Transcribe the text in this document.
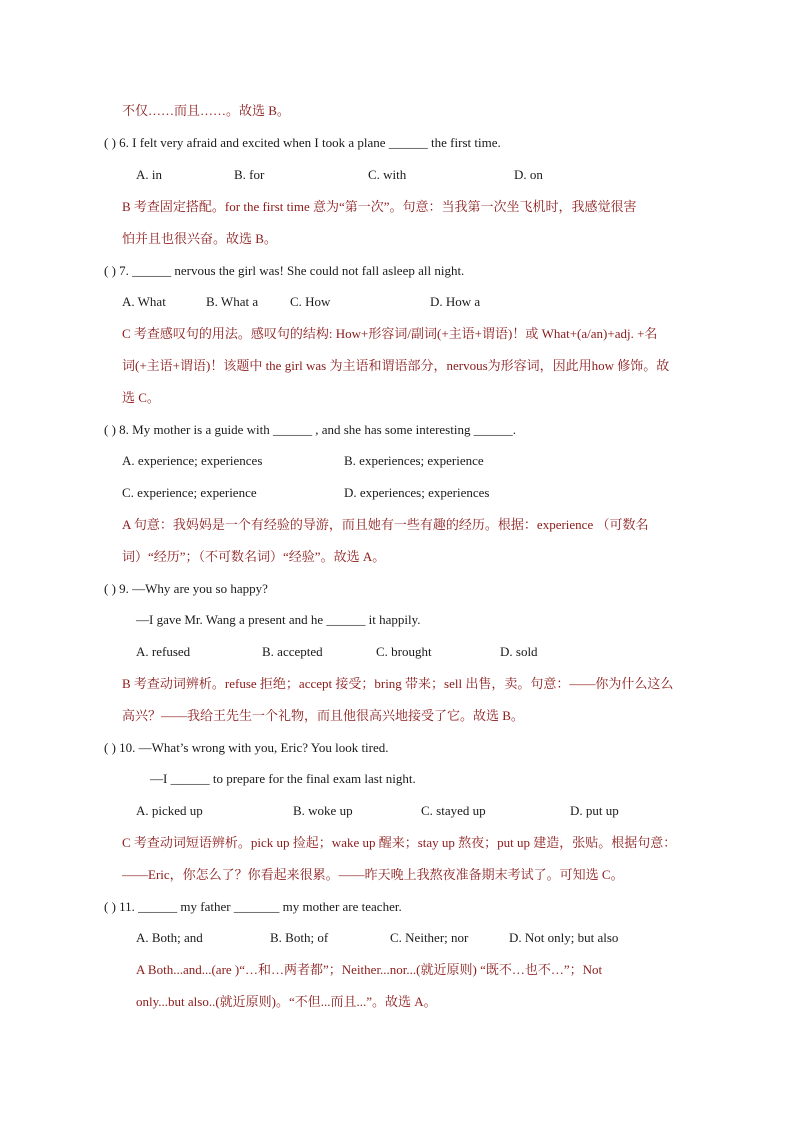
不仅……而且……。故选 B。
( ) 6. I felt very afraid and excited when I took a plane ______ the first time.
A. in	B. for	C. with	D. on
B 考查固定搭配。for the first time 意为“第一次”。句意：当我第一次坐飞机时，我感觉很害
怕并且也很兴奋。故选 B。
( ) 7. ______ nervous the girl was! She could not fall asleep all night.
A. What	B. What a C. How	D. How a
C 考查感叹句的用法。感叹句的结构: How+形容词/副词(+主语+谓语)！或 What+(a/an)+adj. +名
词(+主语+谓语)！该题中 the girl was 为主语和谓语部分，nervous为形容词，因此用how 修饰。故
选 C。
( ) 8. My mother is a guide with ______ , and she has some interesting ______.
A. experience; experiences	B. experiences; experience
C. experience; experience	D. experiences; experiences
A 句意：我妈妈是一个有经验的导游，而且她有一些有趣的经历。根据：experience （可数名
词）“经历”；（不可数名词）“经验”。故选 A。
( ) 9. —Why are you so happy?
—I gave Mr. Wang a present and he ______ it happily.
A. refused	B. accepted	C. brought	D. sold
B 考查动词辨析。refuse 拒绝；accept 接受；bring 带来；sell 出售，卖。句意：——你为什么这么
高兴？——我给王先生一个礼物，而且他很高兴地接受了它。故选 B。
( ) 10. —What’s wrong with you, Eric? You look tired.
—I ______ to prepare for the final exam last night.
A. picked up	B. woke up	C. stayed up	D. put up
C 考查动词短语辨析。pick up 捡起；wake up 醒来；stay up 熬夜；put up 建造，张贴。根据句意：
——Eric，你怎么了？你看起来很累。——昨天晚上我熬夜准备期末考试了。可知选 C。
( ) 11. ______ my father _______ my mother are teacher.
A. Both; and	B. Both; of	C. Neither; nor	D. Not only; but also
A Both...and...(are )“…和…两者都”；Neither...nor...(就近原则) “既不…也不…”；Not
only...but also..(就近原则)。“不但...而且...”。故选 A。
